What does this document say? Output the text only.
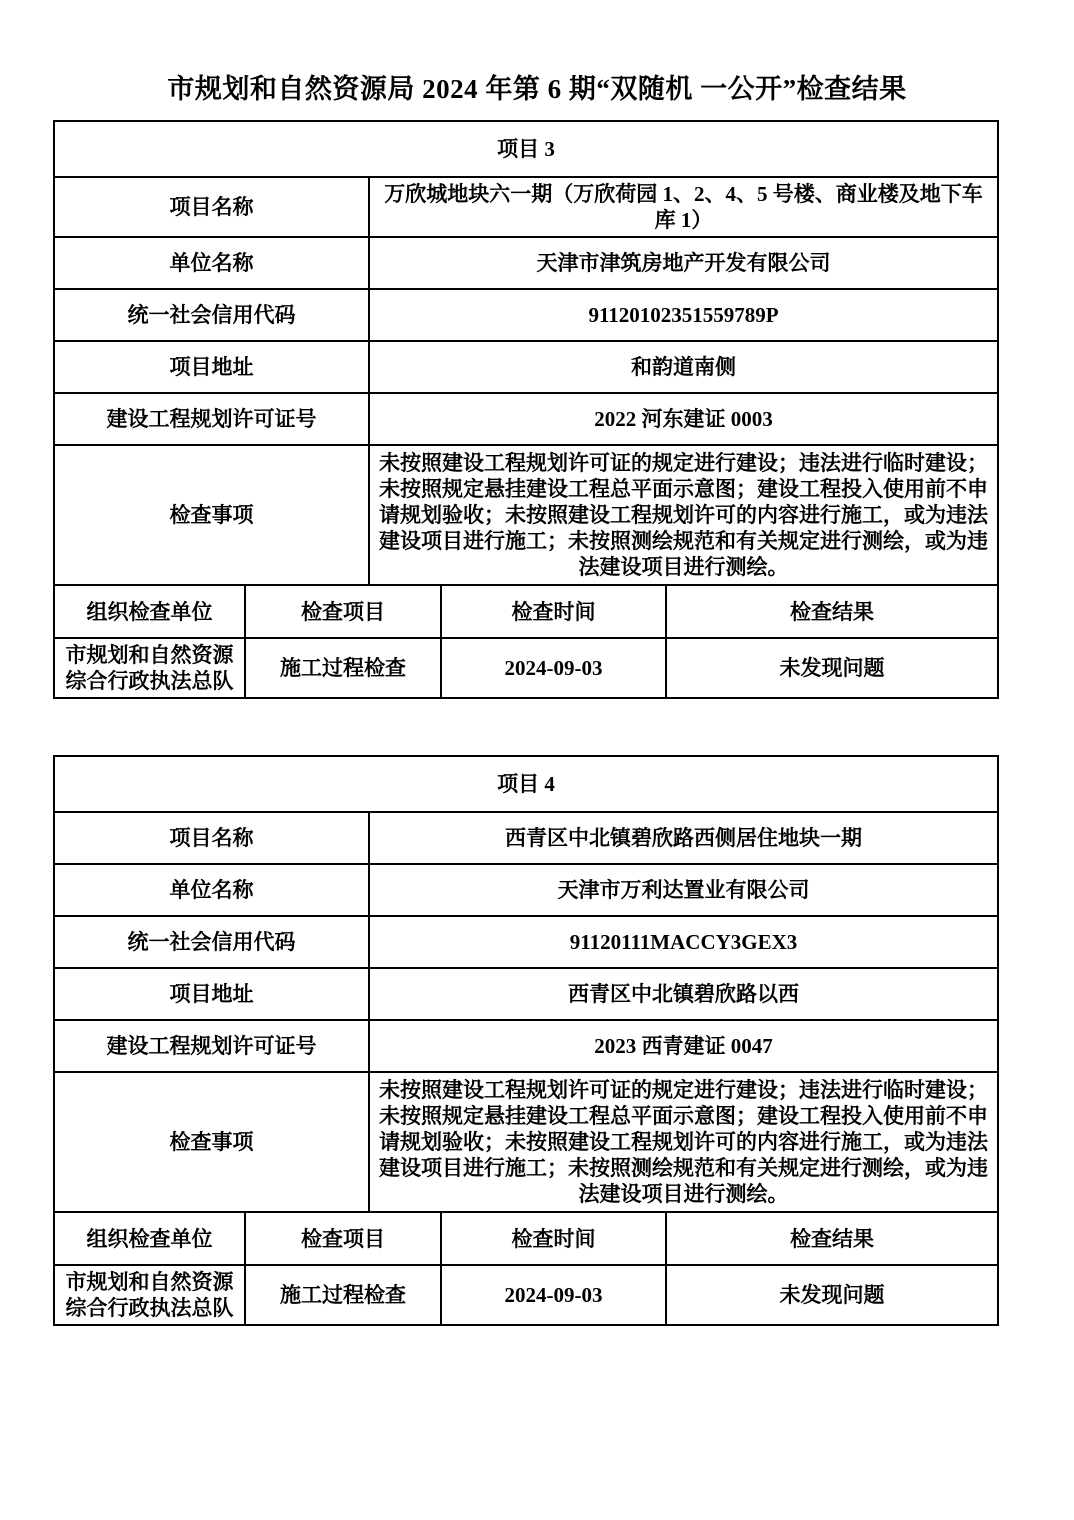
市规划和自然资源局 2024 年第 6 期“双随机 一公开”检查结果
项目 3				
项目名称		万欣城地块六一期（万欣荷园 1、2、4、5 号楼、商业楼及地下车库 1）		
单位名称		天津市津筑房地产开发有限公司		
统一社会信用代码		91120102351559789P		
项目地址		和韵道南侧		
建设工程规划许可证号		2022 河东建证 0003		
检查事项		未按照建设工程规划许可证的规定进行建设；违法进行临时建设；未按照规定悬挂建设工程总平面示意图；建设工程投入使用前不申请规划验收；未按照建设工程规划许可的内容进行施工，或为违法建设项目进行施工；未按照测绘规范和有关规定进行测绘，或为违法建设项目进行测绘。		
组织检查单位	检查项目		检查时间	检查结果
市规划和自然资源综合行政执法总队	施工过程检查		2024-09-03	未发现问题
项目 4				
项目名称		西青区中北镇碧欣路西侧居住地块一期		
单位名称		天津市万利达置业有限公司		
统一社会信用代码		91120111MACCY3GEX3		
项目地址		西青区中北镇碧欣路以西		
建设工程规划许可证号		2023 西青建证 0047		
检查事项		未按照建设工程规划许可证的规定进行建设；违法进行临时建设；未按照规定悬挂建设工程总平面示意图；建设工程投入使用前不申请规划验收；未按照建设工程规划许可的内容进行施工，或为违法建设项目进行施工；未按照测绘规范和有关规定进行测绘，或为违法建设项目进行测绘。		
组织检查单位	检查项目		检查时间	检查结果
市规划和自然资源综合行政执法总队	施工过程检查		2024-09-03	未发现问题
